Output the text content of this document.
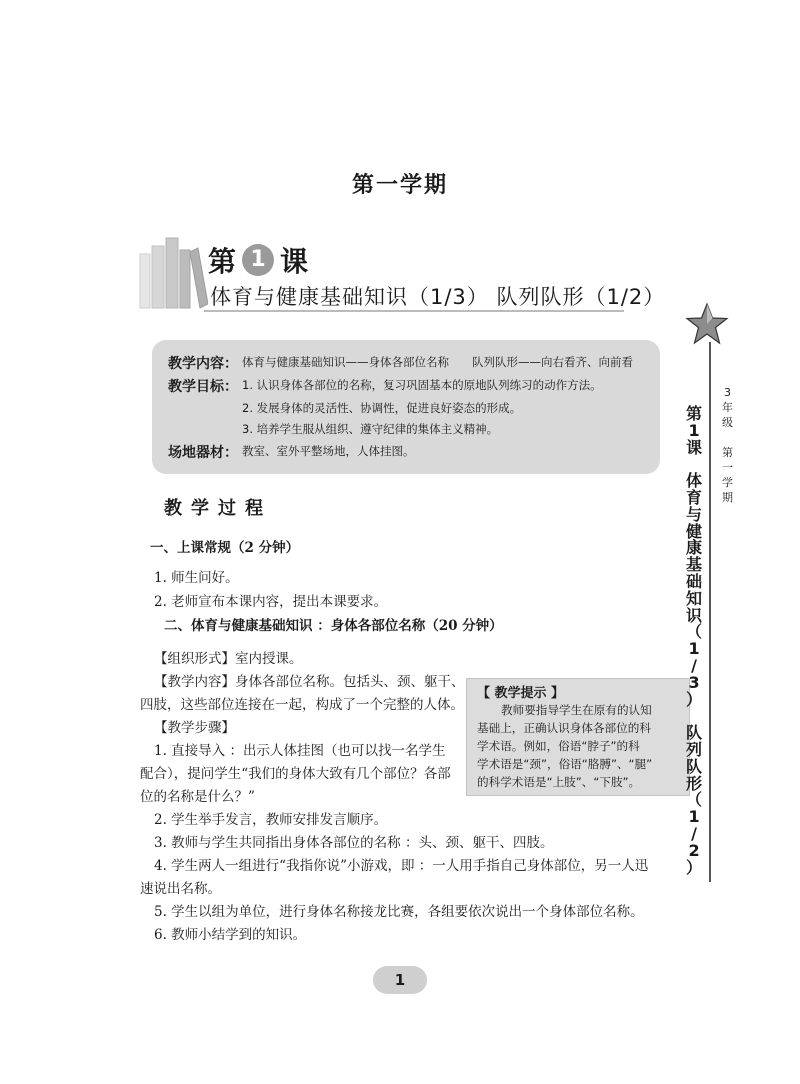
第一学期
第 1 课
体育与健康基础知识（1/3） 队列队形（1/2）
教学内容： 体育与健康基础知识——身体各部位名称　　队列队形——向右看齐、向前看
教学目标： 1. 认识身体各部位的名称，复习巩固基本的原地队列练习的动作方法。
2. 发展身体的灵活性、协调性，促进良好姿态的形成。
3. 培养学生服从组织、遵守纪律的集体主义精神。
场地器材： 教室、室外平整场地，人体挂图。
教学过程
一、上课常规（2 分钟）
1. 师生问好。
2. 老师宣布本课内容，提出本课要求。
二、体育与健康基础知识 ：身体各部位名称（20 分钟）
【组织形式】室内授课。
【教学内容】身体各部位名称。包括头、颈、躯干、
四肢，这些部位连接在一起，构成了一个完整的人体。
【教学步骤】
1. 直接导入 ：出示人体挂图（也可以找一名学生
配合），提问学生“我们的身体大致有几个部位？各部
位的名称是什么？”
2. 学生举手发言，教师安排发言顺序。
3. 教师与学生共同指出身体各部位的名称 ：头、颈、躯干、四肢。
4. 学生两人一组进行“我指你说”小游戏，即 ：一人用手指自己身体部位，另一人迅
速说出名称。
5. 学生以组为单位，进行身体名称接龙比赛，各组要依次说出一个身体部位名称。
6. 教师小结学到的知识。
【 教学提示 】
教师要指导学生在原有的认知
基础上，正确认识身体各部位的科
学术语。例如，俗语“脖子”的科
学术语是“颈”，俗语“胳膊”、“腿”
的科学术语是“上肢”、“下肢”。
3
年
级

第
一
学
期
第
1
课

体
育
与
健
康
基
础
知
识
（
1
/
3
）

队
列
队
形
（
1
/
2
）
1
